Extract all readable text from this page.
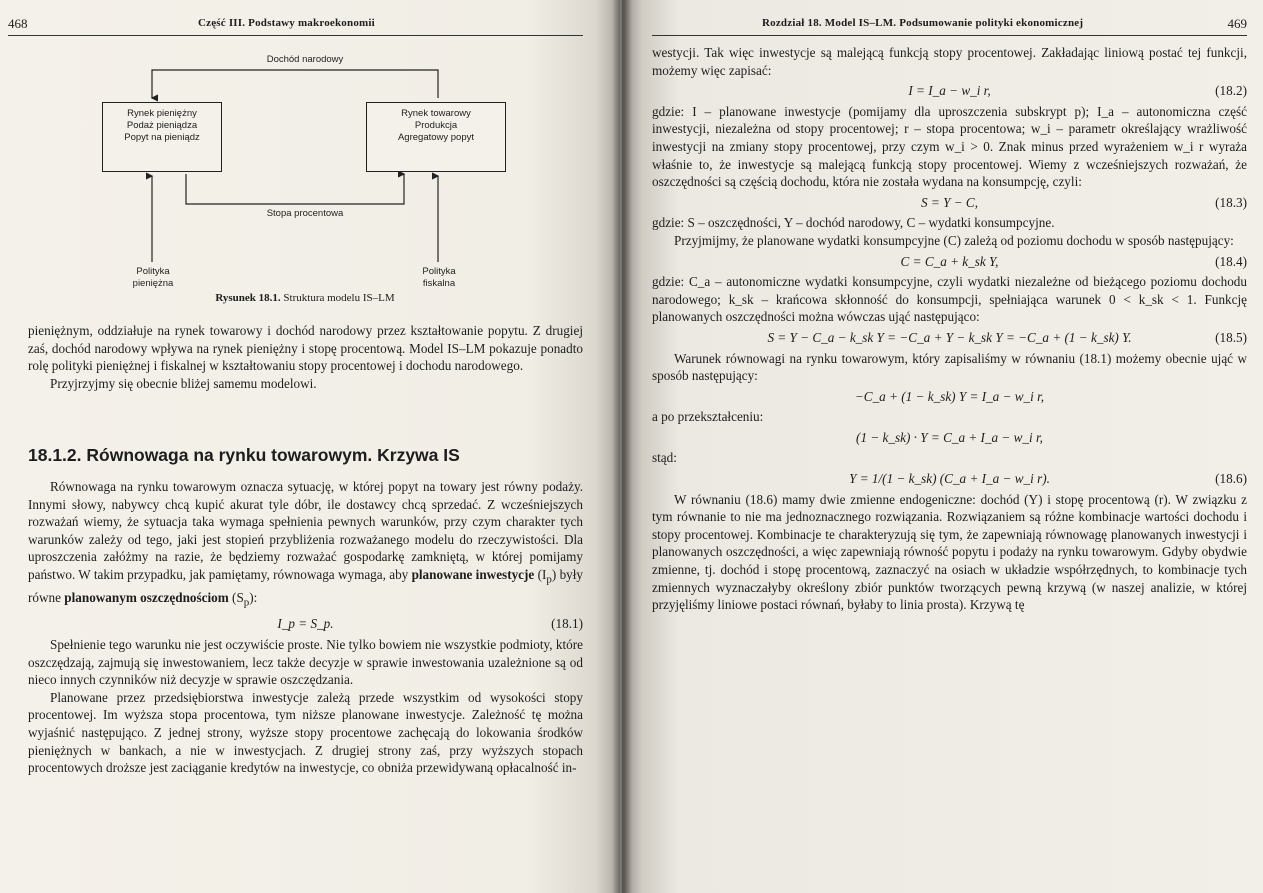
468	Część III. Podstawy makroekonomii
Dochód narodowy
Rynek pieniężny
Podaż pieniądza
Popyt na pieniądz
Rynek towarowy
Produkcja
Agregatowy popyt
Stopa procentowa
Polityka
pieniężna
Polityka
fiskalna
Rysunek 18.1. Struktura modelu IS–LM

pieniężnym, oddziałuje na rynek towarowy i dochód narodowy przez kształtowanie popytu. Z drugiej zaś, dochód narodowy wpływa na rynek pieniężny i stopę procentową. Model IS–LM pokazuje ponadto rolę polityki pieniężnej i fiskalnej w kształtowaniu stopy procentowej i dochodu narodowego.

Przyjrzyjmy się obecnie bliżej samemu modelowi.

18.1.2. Równowaga na rynku towarowym. Krzywa IS

Równowaga na rynku towarowym oznacza sytuację, w której popyt na towary jest równy podaży. Innymi słowy, nabywcy chcą kupić akurat tyle dóbr, ile dostawcy chcą sprzedać. Z wcześniejszych rozważań wiemy, że sytuacja taka wymaga spełnienia pewnych warunków, przy czym charakter tych warunków zależy od tego, jaki jest stopień przybliżenia rozważanego modelu do rzeczywistości. Dla uproszczenia załóżmy na razie, że będziemy rozważać gospodarkę zamkniętą, w której pomijamy państwo. W takim przypadku, jak pamiętamy, równowaga wymaga, aby planowane inwestycje $(I_p)$ były równe planowanym oszczędnościom $(S_p)$:

I_p = S_p.	(18.1)

Spełnienie tego warunku nie jest oczywiście proste. Nie tylko bowiem nie wszystkie podmioty, które oszczędzają, zajmują się inwestowaniem, lecz także decyzje w sprawie inwestowania uzależnione są od nieco innych czynników niż decyzje w sprawie oszczędzania.

Planowane przez przedsiębiorstwa inwestycje zależą przede wszystkim od wysokości stopy procentowej. Im wyższa stopa procentowa, tym niższe planowane inwestycje. Zależność tę można wyjaśnić następująco. Z jednej strony, wyższe stopy procentowe zachęcają do lokowania środków pieniężnych w bankach, a nie w inwestycjach. Z drugiej strony zaś, przy wyższych stopach procentowych droższe jest zaciąganie kredytów na inwestycje, co obniża przewidywaną opłacalność in-

Rozdział 18. Model IS–LM. Podsumowanie polityki ekonomicznej	469

westycji. Tak więc inwestycje są malejącą funkcją stopy procentowej. Zakładając liniową postać tej funkcji, możemy więc zapisać:

I = I_a − w_i r,	(18.2)

gdzie: I – planowane inwestycje (pomijamy dla uproszczenia subskrypt p); I_a – autonomiczna część inwestycji, niezależna od stopy procentowej; r – stopa procentowa; w_i – parametr określający wrażliwość inwestycji na zmiany stopy procentowej, przy czym w_i > 0. Znak minus przed wyrażeniem w_i r wyraża właśnie to, że inwestycje są malejącą funkcją stopy procentowej. Wiemy z wcześniejszych rozważań, że oszczędności są częścią dochodu, która nie została wydana na konsumpcję, czyli:

S = Y − C,	(18.3)

gdzie: S – oszczędności, Y – dochód narodowy, C – wydatki konsumpcyjne.

Przyjmijmy, że planowane wydatki konsumpcyjne (C) zależą od poziomu dochodu w sposób następujący:

C = C_a + k_sk Y,	(18.4)

gdzie: C_a – autonomiczne wydatki konsumpcyjne, czyli wydatki niezależne od bieżącego poziomu dochodu narodowego; k_sk – krańcowa skłonność do konsumpcji, spełniająca warunek 0 < k_sk < 1. Funkcję planowanych oszczędności można wówczas ująć następująco:

S = Y − C_a − k_sk Y = −C_a + Y − k_sk Y = −C_a + (1 − k_sk) Y.	(18.5)

Warunek równowagi na rynku towarowym, który zapisaliśmy w równaniu (18.1) możemy obecnie ująć w sposób następujący:

−C_a + (1 − k_sk) Y = I_a − w_i r,

a po przekształceniu:

(1 − k_sk) · Y = C_a + I_a − w_i r,

stąd:

Y = 1/(1 − k_sk) (C_a + I_a − w_i r).	(18.6)

W równaniu (18.6) mamy dwie zmienne endogeniczne: dochód (Y) i stopę procentową (r). W związku z tym równanie to nie ma jednoznacznego rozwiązania. Rozwiązaniem są różne kombinacje wartości dochodu i stopy procentowej. Kombinacje te charakteryzują się tym, że zapewniają równowagę planowanych inwestycji i planowanych oszczędności, a więc zapewniają równość popytu i podaży na rynku towarowym. Gdyby obydwie zmienne, tj. dochód i stopę procentową, zaznaczyć na osiach w układzie współrzędnych, to kombinacje tych zmiennych wyznaczałyby określony zbiór punktów tworzących pewną krzywą (w naszej analizie, w której przyjęliśmy liniowe postaci równań, byłaby to linia prosta). Krzywą tę
